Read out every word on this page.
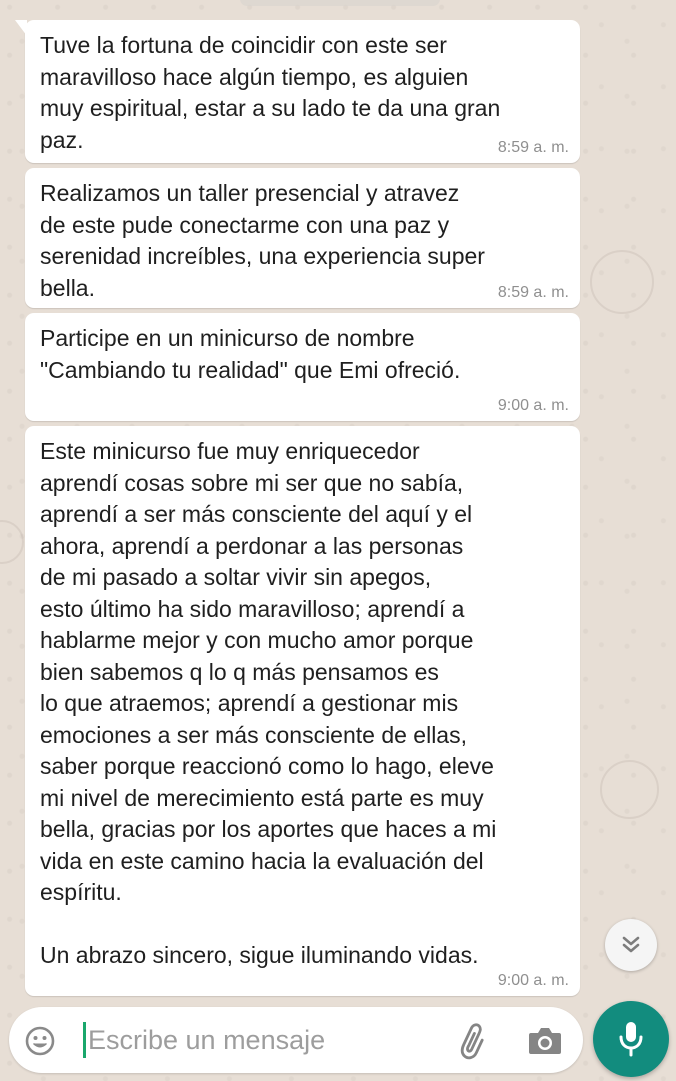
Tuve la fortuna de coincidir con este ser
maravilloso hace algún tiempo, es alguien
muy espiritual, estar a su lado te da una gran
paz.	8:59 a. m.
Realizamos un taller presencial y atravez
de este pude conectarme con una paz y
serenidad increíbles, una experiencia super
bella.	8:59 a. m.
Participe en un minicurso de nombre
"Cambiando tu realidad" que Emi ofreció.
9:00 a. m.
Este minicurso fue muy enriquecedor
aprendí cosas sobre mi ser que no sabía,
aprendí a ser más consciente del aquí y el
ahora, aprendí a perdonar a las personas
de mi pasado a soltar vivir sin apegos,
esto último ha sido maravilloso; aprendí a
hablarme mejor y con mucho amor porque
bien sabemos q lo q más pensamos es
lo que atraemos; aprendí a gestionar mis
emociones a ser más consciente de ellas,
saber porque reaccionó como lo hago, eleve
mi nivel de merecimiento está parte es muy
bella, gracias por los aportes que haces a mi
vida en este camino hacia la evaluación del
espíritu.

Un abrazo sincero, sigue iluminando vidas.
9:00 a. m.
Escribe un mensaje
